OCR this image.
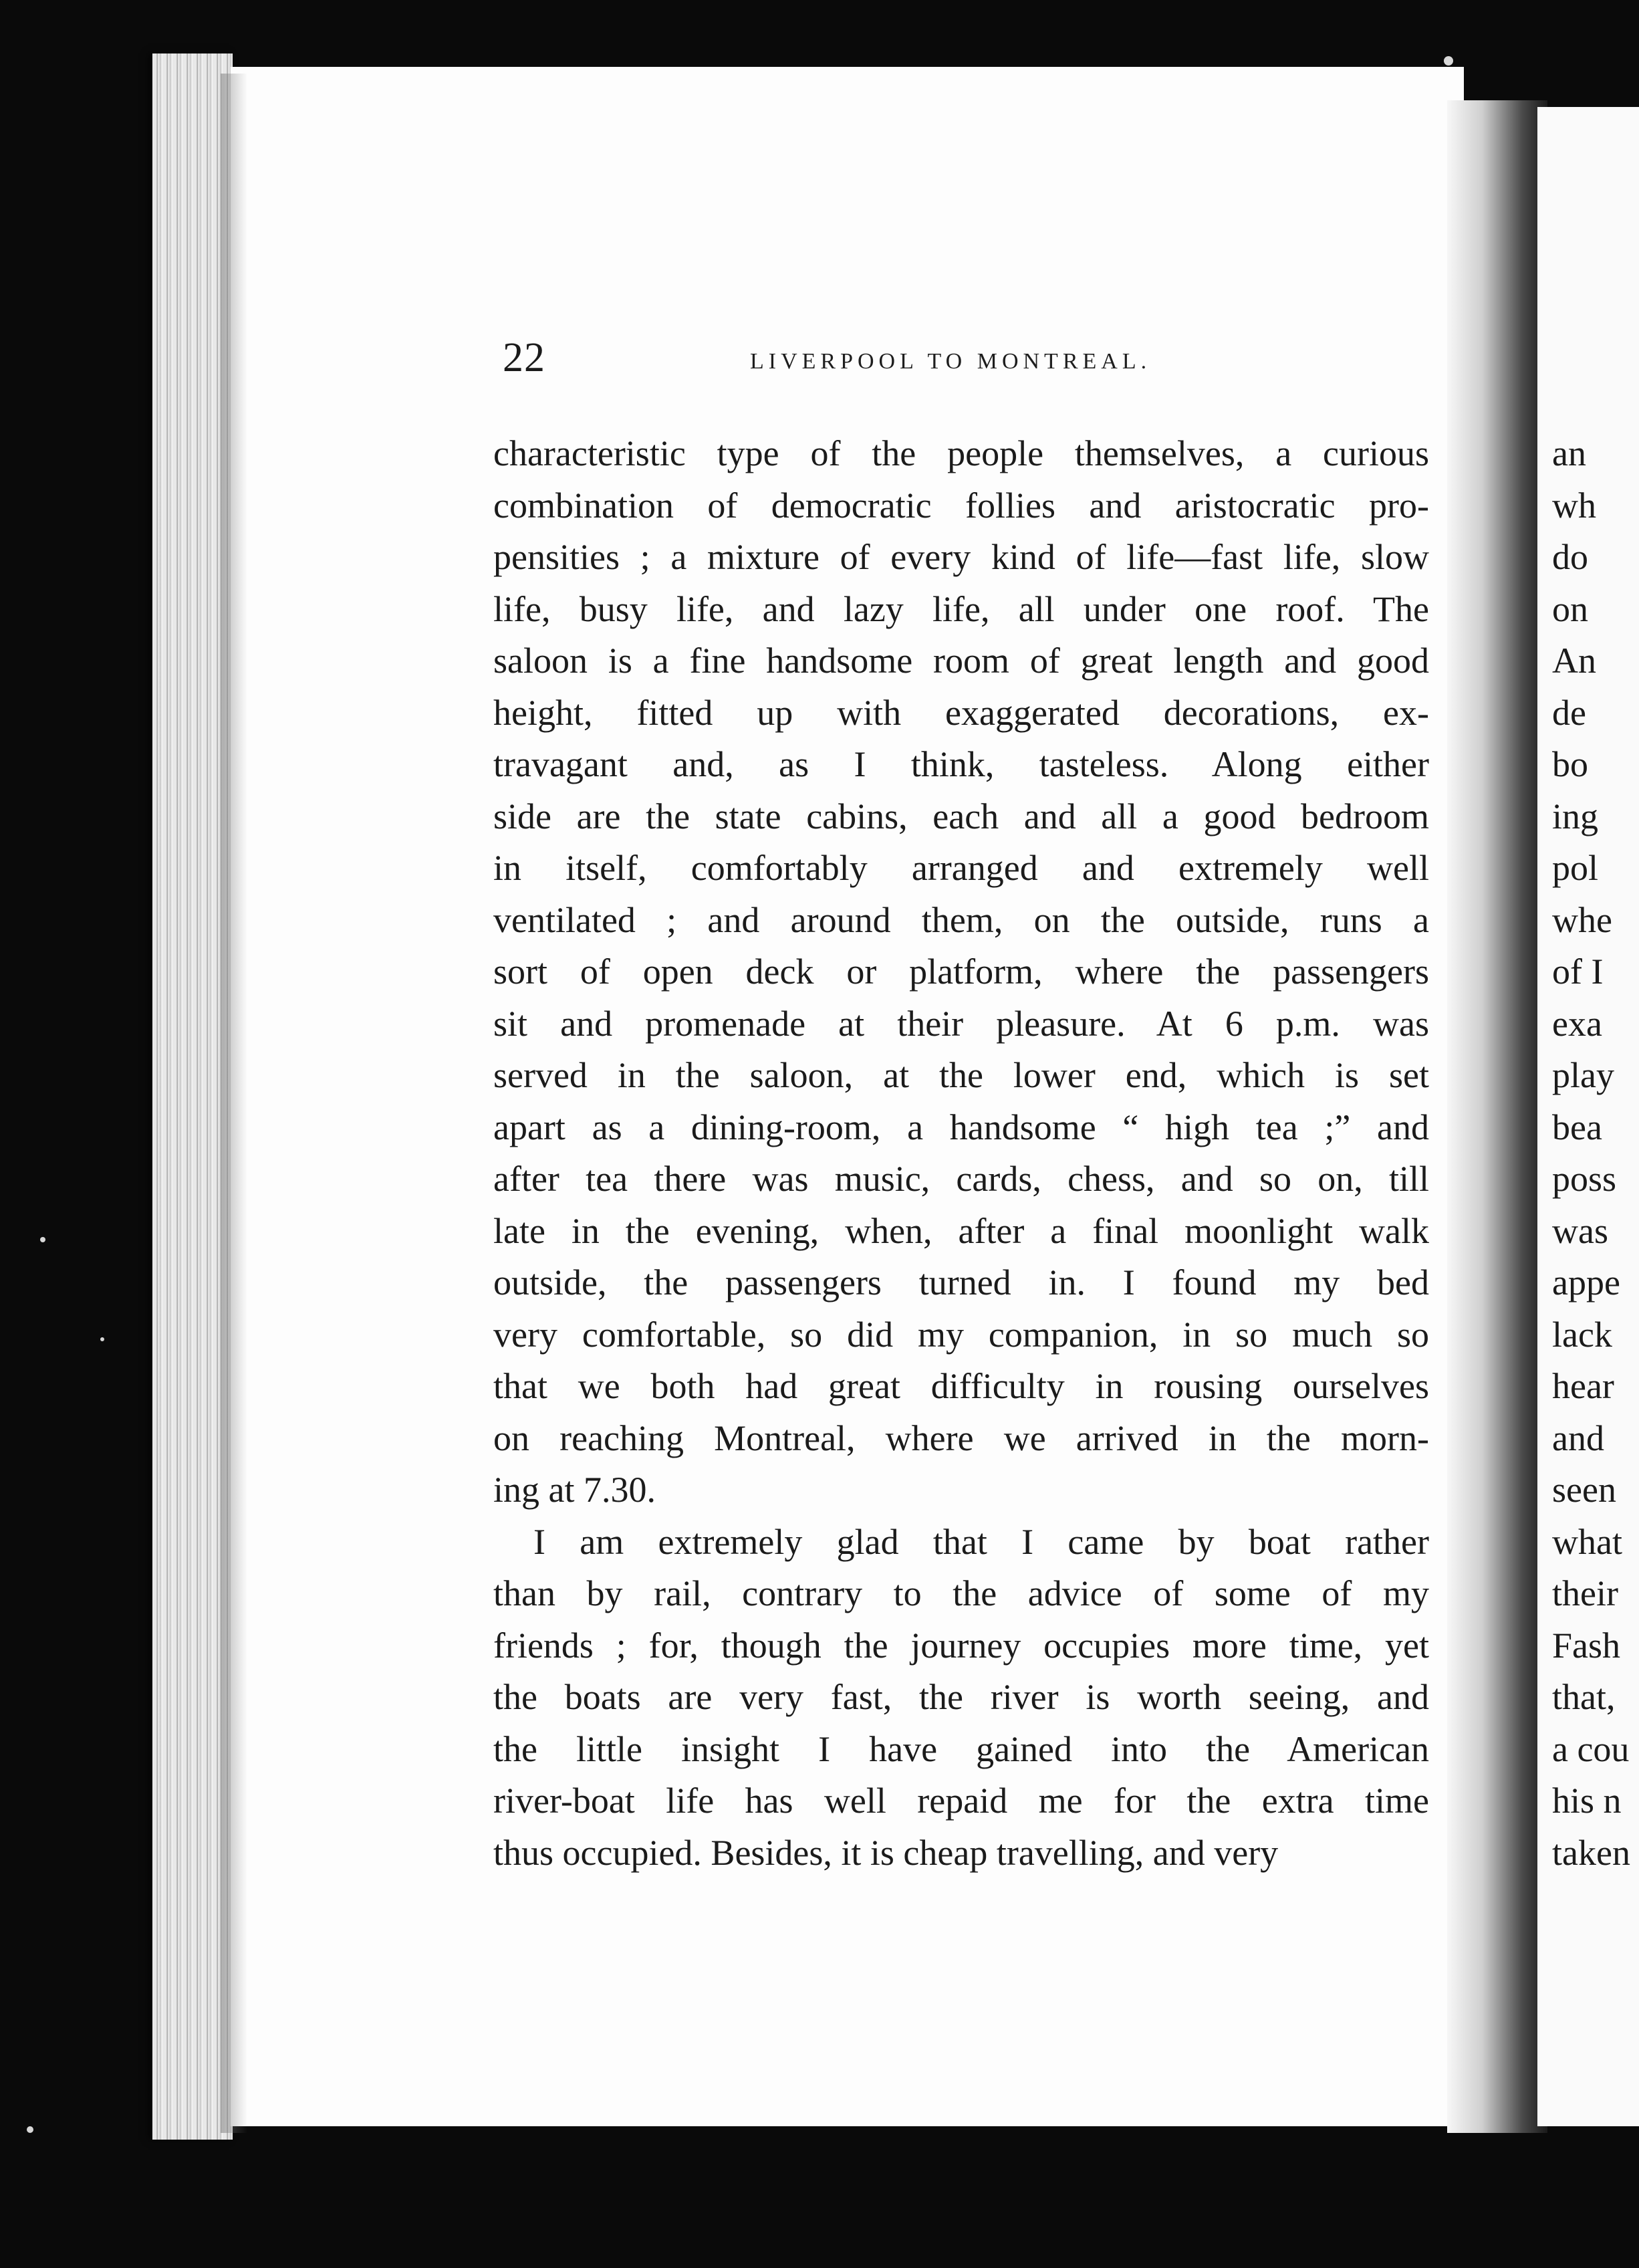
22	LIVERPOOL TO MONTREAL.
characteristic type of the people themselves, a curious
combination of democratic follies and aristocratic pro-
pensities ; a mixture of every kind of life—fast life, slow
life, busy life, and lazy life, all under one roof. The
saloon is a fine handsome room of great length and good
height, fitted up with exaggerated decorations, ex-
travagant and, as I think, tasteless. Along either
side are the state cabins, each and all a good bedroom
in itself, comfortably arranged and extremely well
ventilated ; and around them, on the outside, runs a
sort of open deck or platform, where the passengers
sit and promenade at their pleasure. At 6 p.m. was
served in the saloon, at the lower end, which is set
apart as a dining-room, a handsome “ high tea ;” and
after tea there was music, cards, chess, and so on, till
late in the evening, when, after a final moonlight walk
outside, the passengers turned in. I found my bed
very comfortable, so did my companion, in so much so
that we both had great difficulty in rousing ourselves
on reaching Montreal, where we arrived in the morn-
ing at 7.30.
I am extremely glad that I came by boat rather
than by rail, contrary to the advice of some of my
friends ; for, though the journey occupies more time, yet
the boats are very fast, the river is worth seeing, and
the little insight I have gained into the American
river-boat life has well repaid me for the extra time
thus occupied. Besides, it is cheap travelling, and very
an
wh
do
on
An
de
bo
ing
pol
whe
of I
exa
play
bea
poss
was
appe
lack
hear
and
seen
what
their
Fash
that,
a cou
his n
taken
